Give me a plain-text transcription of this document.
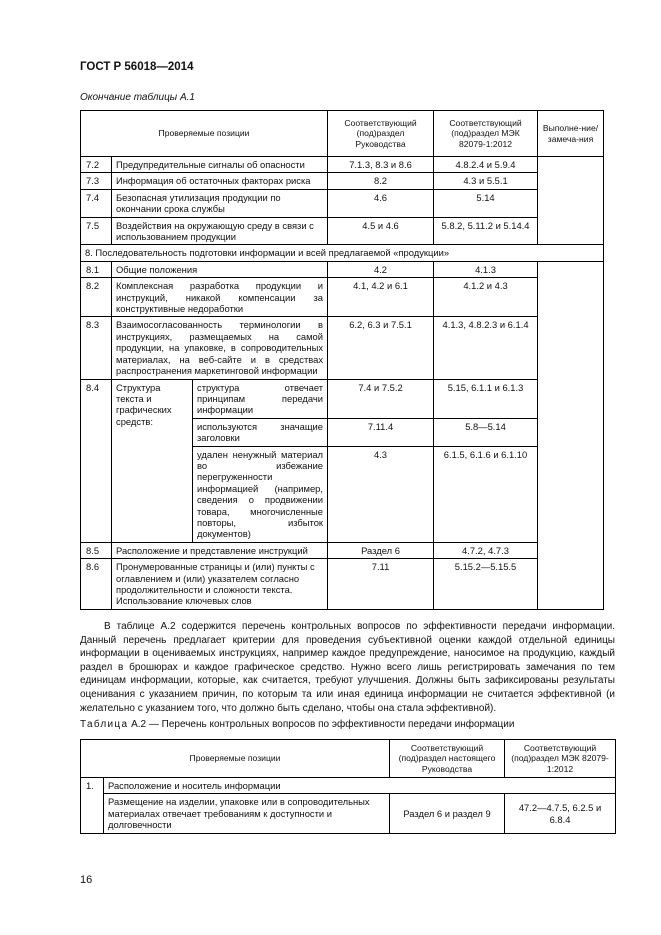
ГОСТ Р 56018—2014
Окончание таблицы А.1
Проверяемые позиции			Соответствующий (под)раздел Руководства	Соответствующий (под)раздел МЭК 82079-1:2012	Выполне-ние/замеча-ния
7.2	Предупредительные сигналы об опасности		7.1.3, 8.3 и 8.6	4.8.2.4 и 5.9.4	
7.3	Информация об остаточных факторах риска		8.2	4.3 и 5.5.1	
7.4	Безопасная утилизация продукции по окончании срока службы		4.6	5.14	
7.5	Воздействия на окружающую среду в связи с использованием продукции		4.5 и 4.6	5.8.2, 5.11.2 и 5.14.4	
8. Последовательность подготовки информации и всей предлагаемой «продукции»					
8.1	Общие положения		4.2	4.1.3	
8.2	Комплексная разработка продукции и инструкций, никакой компенсации за конструктивные недоработки		4.1, 4.2 и 6.1	4.1.2 и 4.3	
8.3	Взаимосогласованность терминологии в инструкциях, размещаемых на самой продукции, на упаковке, в сопроводительных материалах, на веб-сайте и в средствах распространения маркетинговой информации		6.2, 6.3 и 7.5.1	4.1.3, 4.8.2.3 и 6.1.4	
8.4	Структура текста и графических средств:	структура отвечает принципам передачи информации	7.4 и 7.5.2	5.15, 6.1.1 и 6.1.3	
		используются значащие заголовки	7.11.4	5.8—5.14	
		удален ненужный материал во избежание перегруженности информацией (например, сведения о продвижении товара, многочисленные повторы, избыток документов)	4.3	6.1.5, 6.1.6 и 6.1.10	
8.5	Расположение и представление инструкций		Раздел 6	4.7.2, 4.7.3	
8.6	Пронумерованные страницы и (или) пункты с оглавлением и (или) указателем согласно продолжительности и сложности текста. Использование ключевых слов		7.11	5.15.2—5.15.5	

В таблице А.2 содержится перечень контрольных вопросов по эффективности передачи информации. Данный перечень предлагает критерии для проведения субъективной оценки каждой отдельной единицы информации в оцениваемых инструкциях, например каждое предупреждение, наносимое на продукцию, каждый раздел в брошюрах и каждое графическое средство. Нужно всего лишь регистрировать замечания по тем единицам информации, которые, как считается, требуют улучшения. Должны быть зафиксированы результаты оценивания с указанием причин, по которым та или иная единица информации не считается эффективной (и желательно с указанием того, что должно быть сделано, чтобы она стала эффективной).

Таблица А.2 — Перечень контрольных вопросов по эффективности передачи информации
Проверяемые позиции		Соответствующий (под)раздел настоящего Руководства	Соответствующий (под)раздел МЭК 82079-1:2012
1.	Расположение и носитель информации		
	Размещение на изделии, упаковке или в сопроводительных материалах отвечает требованиям к доступности и долговечности	Раздел 6 и раздел 9	47.2—4.7.5, 6.2.5 и 6.8.4
16
